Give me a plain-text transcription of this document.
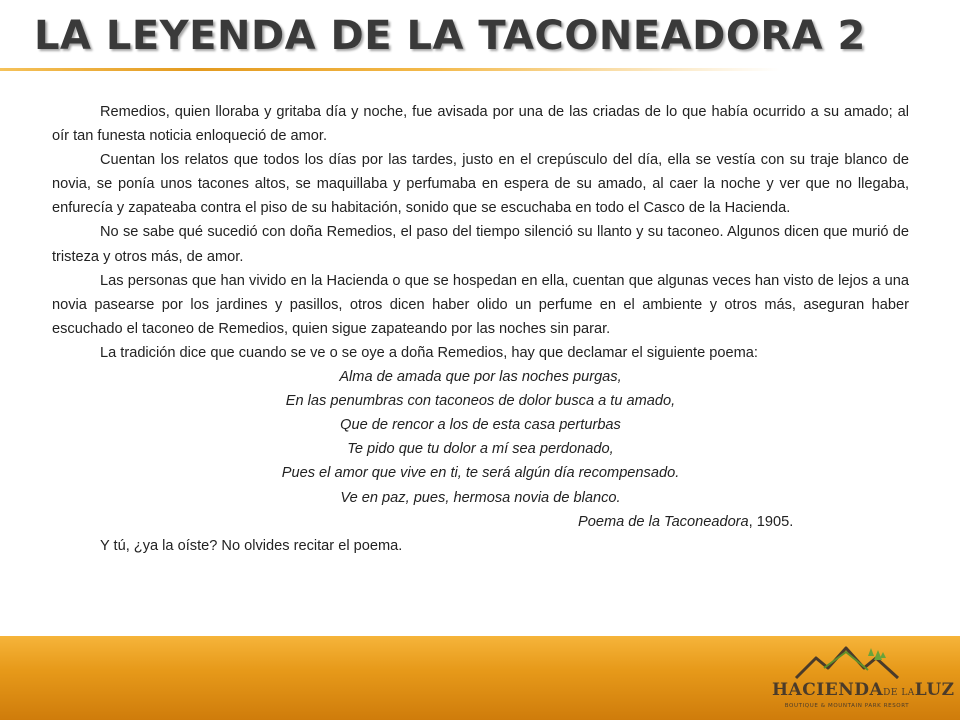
LA LEYENDA DE LA TACONEADORA 2

Remedios, quien lloraba y gritaba día y noche, fue avisada por una de las criadas de lo que había ocurrido a su amado; al oír tan funesta noticia enloqueció de amor.

Cuentan los relatos que todos los días por las tardes, justo en el crepúsculo del día, ella se vestía con su traje blanco de novia, se ponía unos tacones altos, se maquillaba y perfumaba en espera de su amado, al caer la noche y ver que no llegaba, enfurecía y zapateaba contra el piso de su habitación, sonido que se escuchaba en todo el Casco de la Hacienda.

No se sabe qué sucedió con doña Remedios, el paso del tiempo silenció su llanto y su taconeo. Algunos dicen que murió de tristeza y otros más, de amor.

Las personas que han vivido en la Hacienda o que se hospedan en ella, cuentan que algunas veces han visto de lejos a una novia pasearse por los jardines y pasillos, otros dicen haber olido un perfume en el ambiente y otros más, aseguran haber escuchado el taconeo de Remedios, quien sigue zapateando por las noches sin parar.

La tradición dice que cuando se ve o se oye a doña Remedios, hay que declamar el siguiente poema:

Alma de amada que por las noches purgas,

En las penumbras con taconeos de dolor busca a tu amado,

Que de rencor a los de esta casa perturbas

Te pido que tu dolor a mí sea perdonado,

Pues el amor que vive en ti, te será algún día recompensado.

Ve en paz, pues, hermosa novia de blanco.

Poema de la Taconeadora, 1905.

Y tú, ¿ya la oíste? No olvides recitar el poema.

HACIENDADE LALUZ
BOUTIQUE & MOUNTAIN PARK RESORT
